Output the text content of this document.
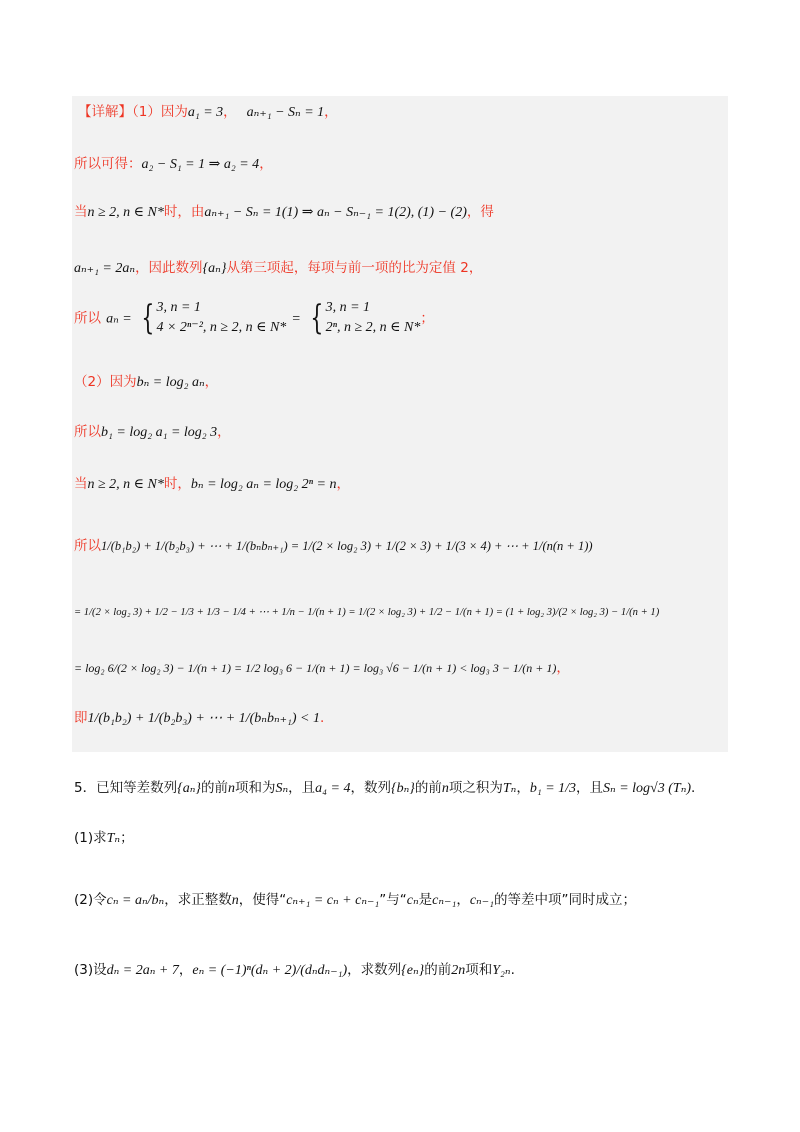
【详解】（1）因为a₁ = 3， aₙ₊₁ − Sₙ = 1，
所以可得：a₂ − S₁ = 1 ⇒ a₂ = 4，
当n ≥ 2, n ∈ N*时，由aₙ₊₁ − Sₙ = 1(1) ⇒ aₙ − Sₙ₋₁ = 1(2), (1) − (2)，得
aₙ₊₁ = 2aₙ，因此数列{aₙ}从第三项起，每项与前一项的比为定值 2，
所以 aₙ = { 3, n = 1
4 × 2ⁿ⁻², n ≥ 2, n ∈ N*
= { 3, n = 1
2ⁿ, n ≥ 2, n ∈ N*
；
（2）因为bₙ = log₂ aₙ，
所以b₁ = log₂ a₁ = log₂ 3，
当n ≥ 2, n ∈ N*时，bₙ = log₂ aₙ = log₂ 2ⁿ = n，
所以1/(b₁b₂) + 1/(b₂b₃) + ⋯ + 1/(bₙbₙ₊₁) = 1/(2 × log₂ 3) + 1/(2 × 3) + 1/(3 × 4) + ⋯ + 1/(n(n + 1))
= 1/(2 × log₂ 3) + 1/2 − 1/3 + 1/3 − 1/4 + ⋯ + 1/n − 1/(n + 1) = 1/(2 × log₂ 3) + 1/2 − 1/(n + 1) = (1 + log₂ 3)/(2 × log₂ 3) − 1/(n + 1)
= log₂ 6/(2 × log₂ 3) − 1/(n + 1) = 1/2 log₃ 6 − 1/(n + 1) = log₃ √6 − 1/(n + 1) < log₃ 3 − 1/(n + 1)，
即1/(b₁b₂) + 1/(b₂b₃) + ⋯ + 1/(bₙbₙ₊₁) < 1.
5．已知等差数列{aₙ}的前n项和为Sₙ，且a₄ = 4，数列{bₙ}的前n项之积为Tₙ，b₁ = 1/3，且Sₙ = log√3 (Tₙ).
(1)求Tₙ；
(2)令cₙ = aₙ/bₙ，求正整数n，使得“cₙ₊₁ = cₙ + cₙ₋₁”与“cₙ是cₙ₋₁，cₙ₋₁的等差中项”同时成立；
(3)设dₙ = 2aₙ + 7，eₙ = (−1)ⁿ(dₙ + 2)/(dₙdₙ₋₁)，求数列{eₙ}的前2n项和Y₂ₙ.
